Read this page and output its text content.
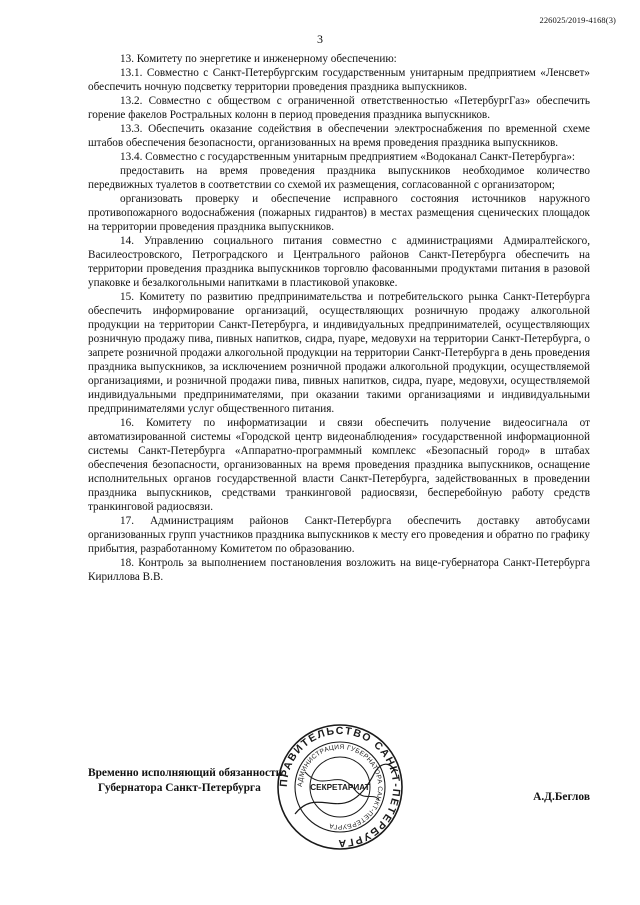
226025/2019-4168(3)
3

13. Комитету по энергетике и инженерному обеспечению:

13.1. Совместно с Санкт-Петербургским государственным унитарным предприятием «Ленсвет» обеспечить ночную подсветку территории проведения праздника выпускников.

13.2. Совместно с обществом с ограниченной ответственностью «ПетербургГаз» обеспечить горение факелов Ростральных колонн в период проведения праздника выпускников.

13.3. Обеспечить оказание содействия в обеспечении электроснабжения по временной схеме штабов обеспечения безопасности, организованных на время проведения праздника выпускников.

13.4. Совместно с государственным унитарным предприятием «Водоканал Санкт-Петербурга»:

предоставить на время проведения праздника выпускников необходимое количество передвижных туалетов в соответствии со схемой их размещения, согласованной с организатором;

организовать проверку и обеспечение исправного состояния источников наружного противопожарного водоснабжения (пожарных гидрантов) в местах размещения сценических площадок на территории проведения праздника выпускников.

14. Управлению социального питания совместно с администрациями Адмиралтейского, Василеостровского, Петроградского и Центрального районов Санкт-Петербурга обеспечить на территории проведения праздника выпускников торговлю фасованными продуктами питания в разовой упаковке и безалкогольными напитками в пластиковой упаковке.

15. Комитету по развитию предпринимательства и потребительского рынка Санкт-Петербурга обеспечить информирование организаций, осуществляющих розничную продажу алкогольной продукции на территории Санкт-Петербурга, и индивидуальных предпринимателей, осуществляющих розничную продажу пива, пивных напитков, сидра, пуаре, медовухи на территории Санкт-Петербурга, о запрете розничной продажи алкогольной продукции на территории Санкт-Петербурга в день проведения праздника выпускников, за исключением розничной продажи алкогольной продукции, осуществляемой организациями, и розничной продажи пива, пивных напитков, сидра, пуаре, медовухи, осуществляемой индивидуальными предпринимателями, при оказании такими организациями и индивидуальными предпринимателями услуг общественного питания.

16. Комитету по информатизации и связи обеспечить получение видеосигнала от автоматизированной системы «Городской центр видеонаблюдения» государственной информационной системы Санкт-Петербурга «Аппаратно-программный комплекс «Безопасный город» в штабах обеспечения безопасности, организованных на время проведения праздника выпускников, оснащение исполнительных органов государственной власти Санкт-Петербурга, задействованных в проведении праздника выпускников, средствами транкинговой радиосвязи, бесперебойную работу средств транкинговой радиосвязи.

17. Администрациям районов Санкт-Петербурга обеспечить доставку автобусами организованных групп участников праздника выпускников к месту его проведения и обратно по графику прибытия, разработанному Комитетом по образованию.

18. Контроль за выполнением постановления возложить на вице-губернатора Санкт-Петербурга Кириллова В.В.

Временно исполняющий обязанности
Губернатора Санкт-Петербурга
А.Д.Беглов
ПРАВИТЕЛЬСТВО САНКТ-ПЕТЕРБУРГА
АДМИНИСТРАЦИЯ ГУБЕРНАТОРА САНКТ-ПЕТЕРБУРГА
СЕКРЕТАРИАТ
